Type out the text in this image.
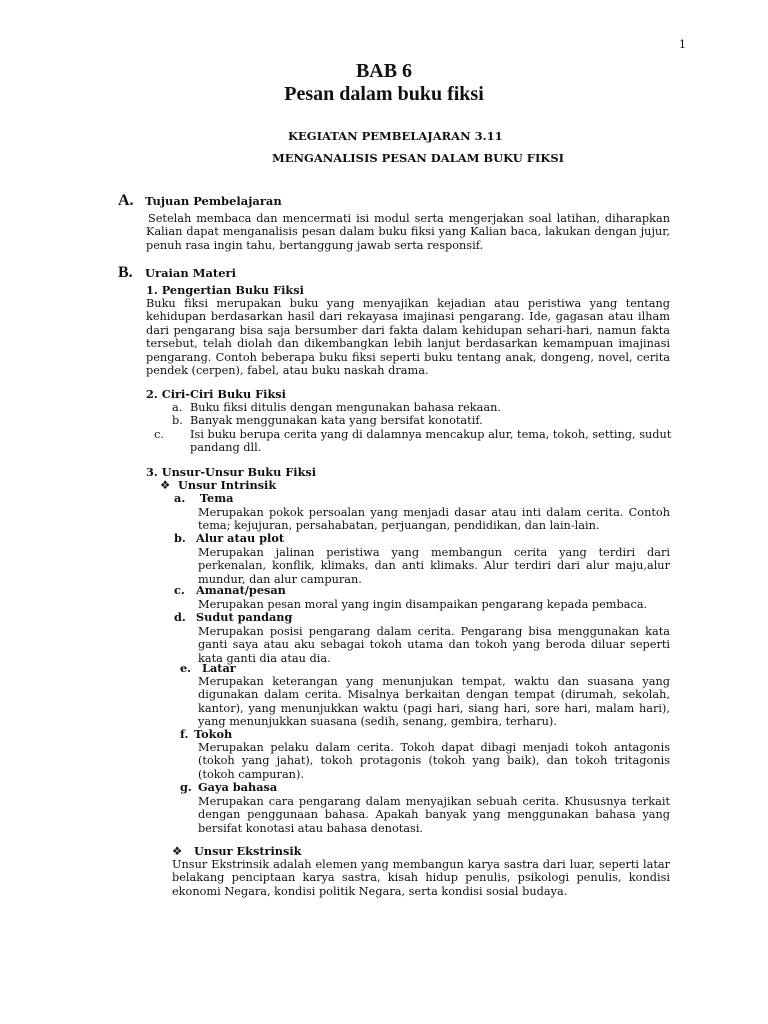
1
BAB 6
Pesan dalam buku fiksi
KEGIATAN PEMBELAJARAN 3.11
MENGANALISIS PESAN DALAM BUKU FIKSI
A. Tujuan Pembelajaran
Setelah membaca dan mencermati isi modul serta mengerjakan soal latihan, diharapkan Kalian dapat menganalisis pesan dalam buku fiksi yang Kalian baca, lakukan dengan jujur, penuh rasa ingin tahu, bertanggung jawab serta responsif.
B. Uraian Materi
1. Pengertian Buku Fiksi
Buku fiksi merupakan buku yang menyajikan kejadian atau peristiwa yang tentang kehidupan berdasarkan hasil dari rekayasa imajinasi pengarang. Ide, gagasan atau ilham dari pengarang bisa saja bersumber dari fakta dalam kehidupan sehari-hari, namun fakta tersebut, telah diolah dan dikembangkan lebih lanjut berdasarkan kemampuan imajinasi pengarang. Contoh beberapa buku fiksi seperti buku tentang anak, dongeng, novel, cerita pendek (cerpen), fabel, atau buku naskah drama.
2. Ciri-Ciri Buku Fiksi
a. Buku fiksi ditulis dengan mengunakan bahasa rekaan.
b. Banyak menggunakan kata yang bersifat konotatif.
c. Isi buku berupa cerita yang di dalamnya mencakup alur, tema, tokoh, setting, sudut pandang dll.
3. Unsur-Unsur Buku Fiksi
❖ Unsur Intrinsik
a. Tema
Merupakan pokok persoalan yang menjadi dasar atau inti dalam cerita. Contoh tema; kejujuran, persahabatan, perjuangan, pendidikan, dan lain-lain.
b. Alur atau plot
Merupakan jalinan peristiwa yang membangun cerita yang terdiri dari perkenalan, konflik, klimaks, dan anti klimaks. Alur terdiri dari alur maju,alur mundur, dan alur campuran.
c. Amanat/pesan
Merupakan pesan moral yang ingin disampaikan pengarang kepada pembaca.
d. Sudut pandang
Merupakan posisi pengarang dalam cerita. Pengarang bisa menggunakan kata ganti saya atau aku sebagai tokoh utama dan tokoh yang beroda diluar seperti kata ganti dia atau dia.
e. Latar
Merupakan keterangan yang menunjukan tempat, waktu dan suasana yang digunakan dalam cerita. Misalnya berkaitan dengan tempat (dirumah, sekolah, kantor), yang menunjukkan waktu (pagi hari, siang hari, sore hari, malam hari), yang menunjukkan suasana (sedih, senang, gembira, terharu).
f. Tokoh
Merupakan pelaku dalam cerita. Tokoh dapat dibagi menjadi tokoh antagonis (tokoh yang jahat), tokoh protagonis (tokoh yang baik), dan tokoh tritagonis (tokoh campuran).
g. Gaya bahasa
Merupakan cara pengarang dalam menyajikan sebuah cerita. Khususnya terkait dengan penggunaan bahasa. Apakah banyak yang menggunakan bahasa yang bersifat konotasi atau bahasa denotasi.
❖ Unsur Ekstrinsik
Unsur Ekstrinsik adalah elemen yang membangun karya sastra dari luar, seperti latar belakang penciptaan karya sastra, kisah hidup penulis, psikologi penulis, kondisi ekonomi Negara, kondisi politik Negara, serta kondisi sosial budaya.
